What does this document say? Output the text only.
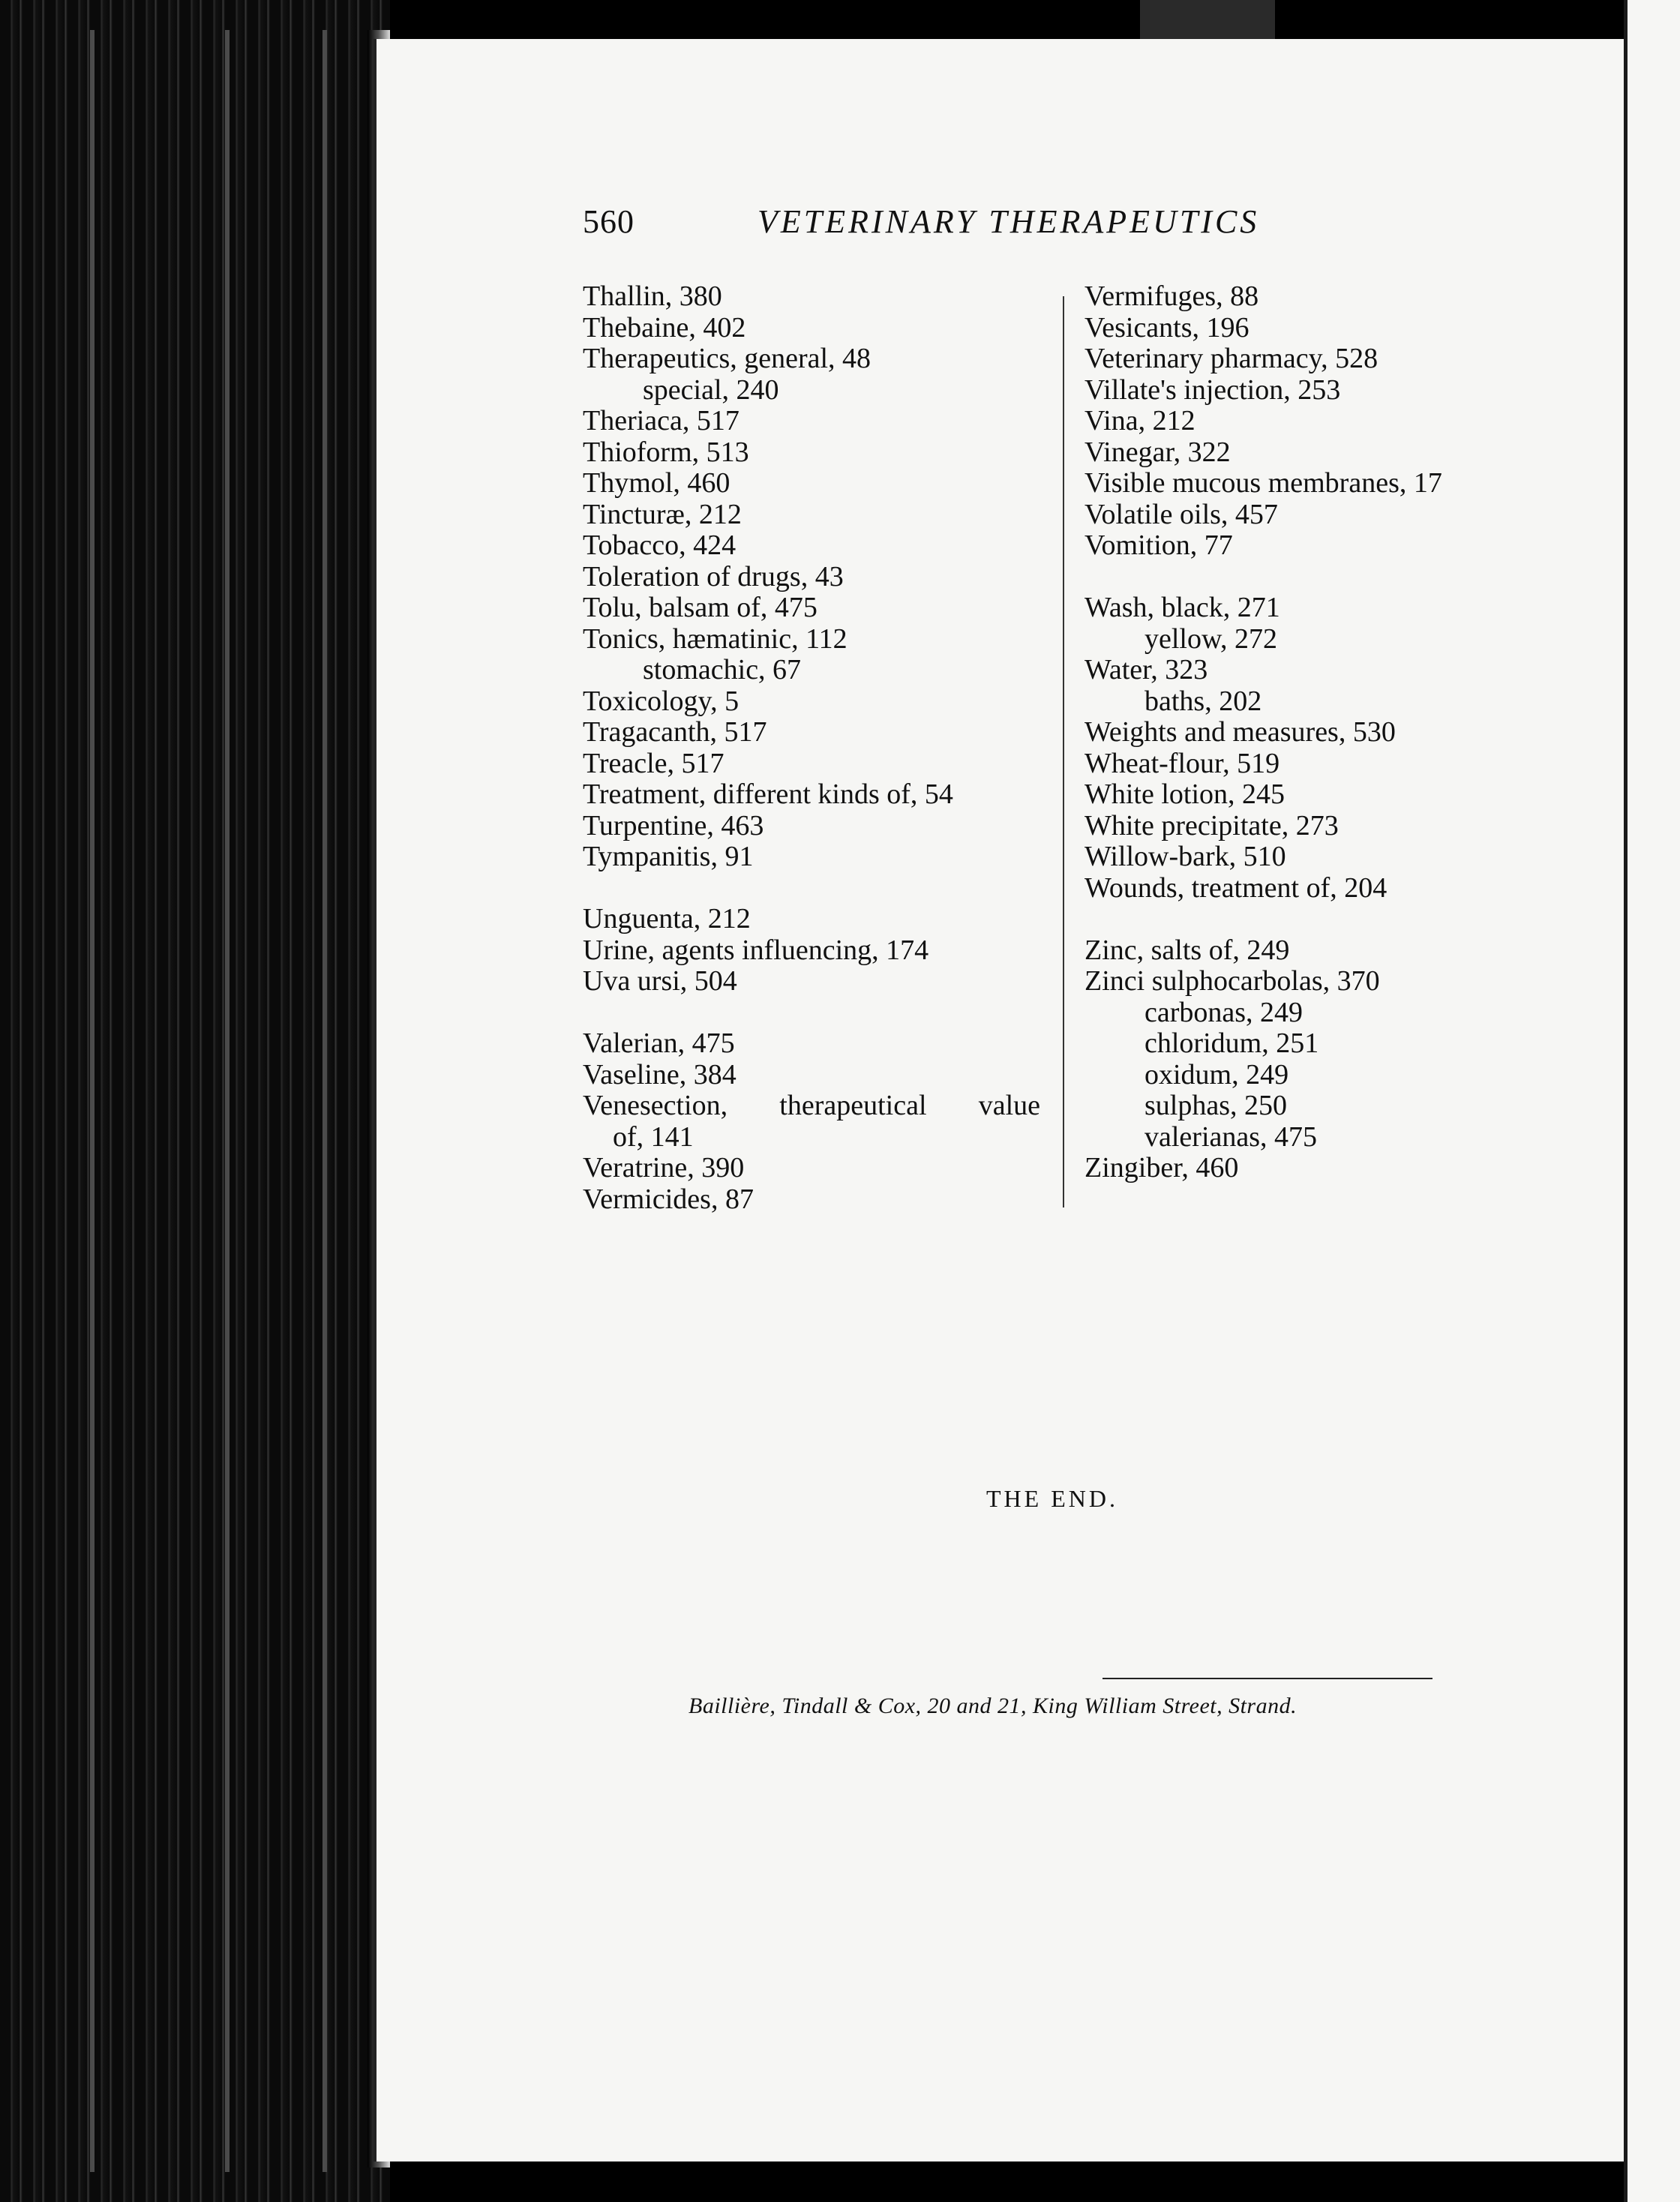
560	VETERINARY THERAPEUTICS
Thallin, 380
Thebaine, 402
Therapeutics, general, 48
special, 240
Theriaca, 517
Thioform, 513
Thymol, 460
Tincturæ, 212
Tobacco, 424
Toleration of drugs, 43
Tolu, balsam of, 475
Tonics, hæmatinic, 112
stomachic, 67
Toxicology, 5
Tragacanth, 517
Treacle, 517
Treatment, different kinds of, 54
Turpentine, 463
Tympanitis, 91
Unguenta, 212
Urine, agents influencing, 174
Uva ursi, 504
Valerian, 475
Vaseline, 384
Venesection, therapeutical value
of, 141
Veratrine, 390
Vermicides, 87
Vermifuges, 88
Vesicants, 196
Veterinary pharmacy, 528
Villate's injection, 253
Vina, 212
Vinegar, 322
Visible mucous membranes, 17
Volatile oils, 457
Vomition, 77
Wash, black, 271
yellow, 272
Water, 323
baths, 202
Weights and measures, 530
Wheat-flour, 519
White lotion, 245
White precipitate, 273
Willow-bark, 510
Wounds, treatment of, 204
Zinc, salts of, 249
Zinci sulphocarbolas, 370
carbonas, 249
chloridum, 251
oxidum, 249
sulphas, 250
valerianas, 475
Zingiber, 460
THE END.
Baillière, Tindall & Cox, 20 and 21, King William Street, Strand.
